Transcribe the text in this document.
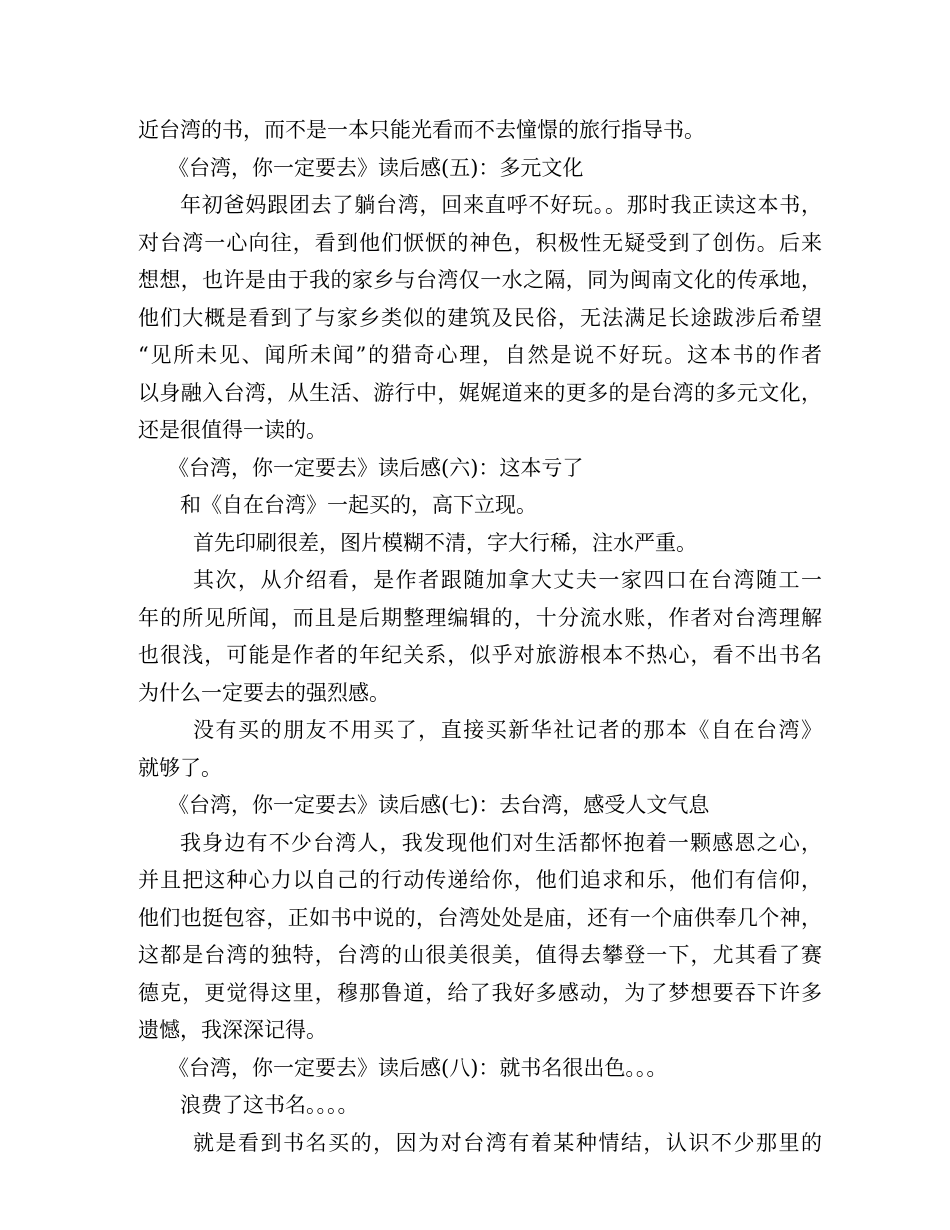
近台湾的书，而不是一本只能光看而不去憧憬的旅行指导书。
《台湾，你一定要去》读后感(五)：多元文化
年初爸妈跟团去了躺台湾，回来直呼不好玩。。那时我正读这本书，
对台湾一心向往，看到他们恹恹的神色，积极性无疑受到了创伤。后来
想想，也许是由于我的家乡与台湾仅一水之隔，同为闽南文化的传承地，
他们大概是看到了与家乡类似的建筑及民俗，无法满足长途跋涉后希望
“见所未见、闻所未闻”的猎奇心理，自然是说不好玩。这本书的作者
以身融入台湾，从生活、游行中，娓娓道来的更多的是台湾的多元文化，
还是很值得一读的。
《台湾，你一定要去》读后感(六)：这本亏了
和《自在台湾》一起买的，高下立现。
首先印刷很差，图片模糊不清，字大行稀，注水严重。
其次，从介绍看，是作者跟随加拿大丈夫一家四口在台湾随工一
年的所见所闻，而且是后期整理编辑的，十分流水账，作者对台湾理解
也很浅，可能是作者的年纪关系，似乎对旅游根本不热心，看不出书名
为什么一定要去的强烈感。
没有买的朋友不用买了，直接买新华社记者的那本《自在台湾》
就够了。
《台湾，你一定要去》读后感(七)：去台湾，感受人文气息
我身边有不少台湾人，我发现他们对生活都怀抱着一颗感恩之心，
并且把这种心力以自己的行动传递给你，他们追求和乐，他们有信仰，
他们也挺包容，正如书中说的，台湾处处是庙，还有一个庙供奉几个神，
这都是台湾的独特，台湾的山很美很美，值得去攀登一下，尤其看了赛
德克，更觉得这里，穆那鲁道，给了我好多感动，为了梦想要吞下许多
遗憾，我深深记得。
《台湾，你一定要去》读后感(八)：就书名很出色。。。
浪费了这书名。。。。
就是看到书名买的，因为对台湾有着某种情结，认识不少那里的
